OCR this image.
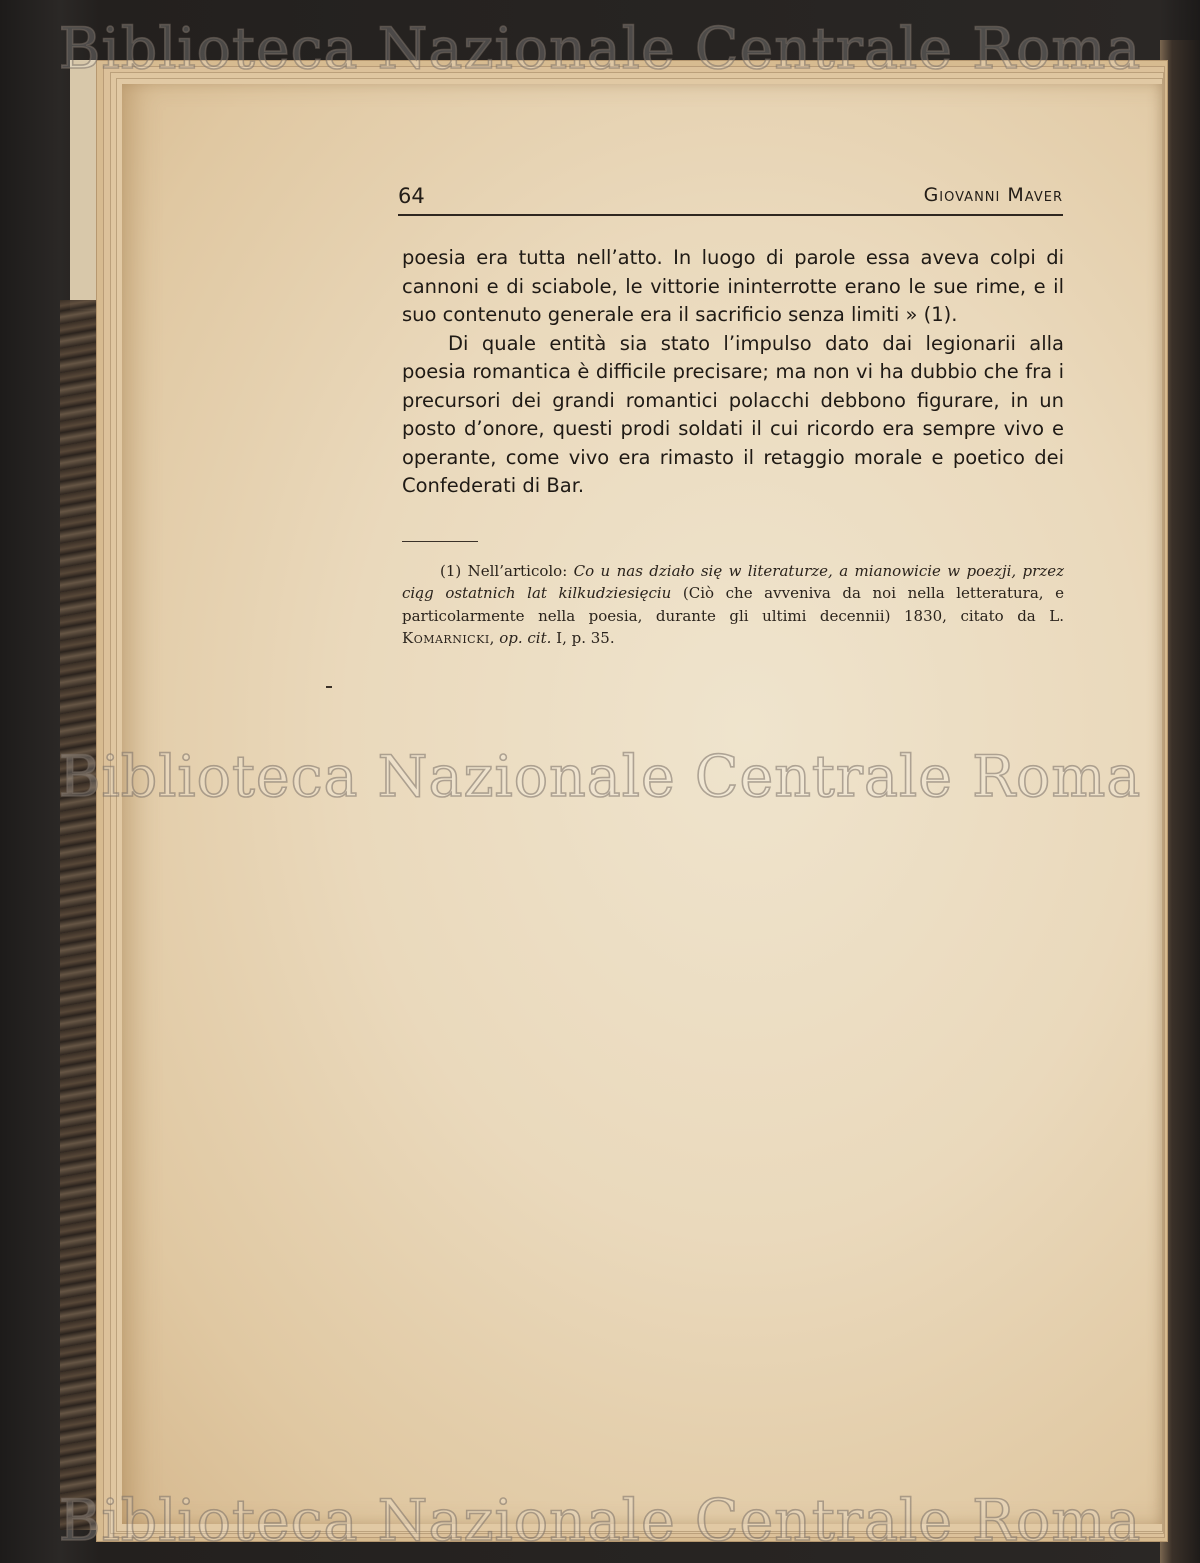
64	Giovanni Maver

poesia era tutta nell’atto. In luogo di parole essa aveva colpi di cannoni e di sciabole, le vittorie ininterrotte erano le sue rime, e il suo contenuto generale era il sacrificio senza limiti » (1).

Di quale entità sia stato l’impulso dato dai legionarii alla poesia romantica è difficile precisare; ma non vi ha dubbio che fra i precursori dei grandi romantici polacchi debbono figurare, in un posto d’onore, questi prodi soldati il cui ricordo era sempre vivo e operante, come vivo era rimasto il retaggio morale e poetico dei Confederati di Bar.

(1) Nell’articolo: Co u nas działo się w literaturze, a mianowicie w poezji, przez ciąg ostatnich lat kilkudziesięciu (Ciò che avveniva da noi nella letteratura, e particolarmente nella poesia, durante gli ultimi decennii) 1830, citato da L. Komarnicki, op. cit. I, p. 35.
